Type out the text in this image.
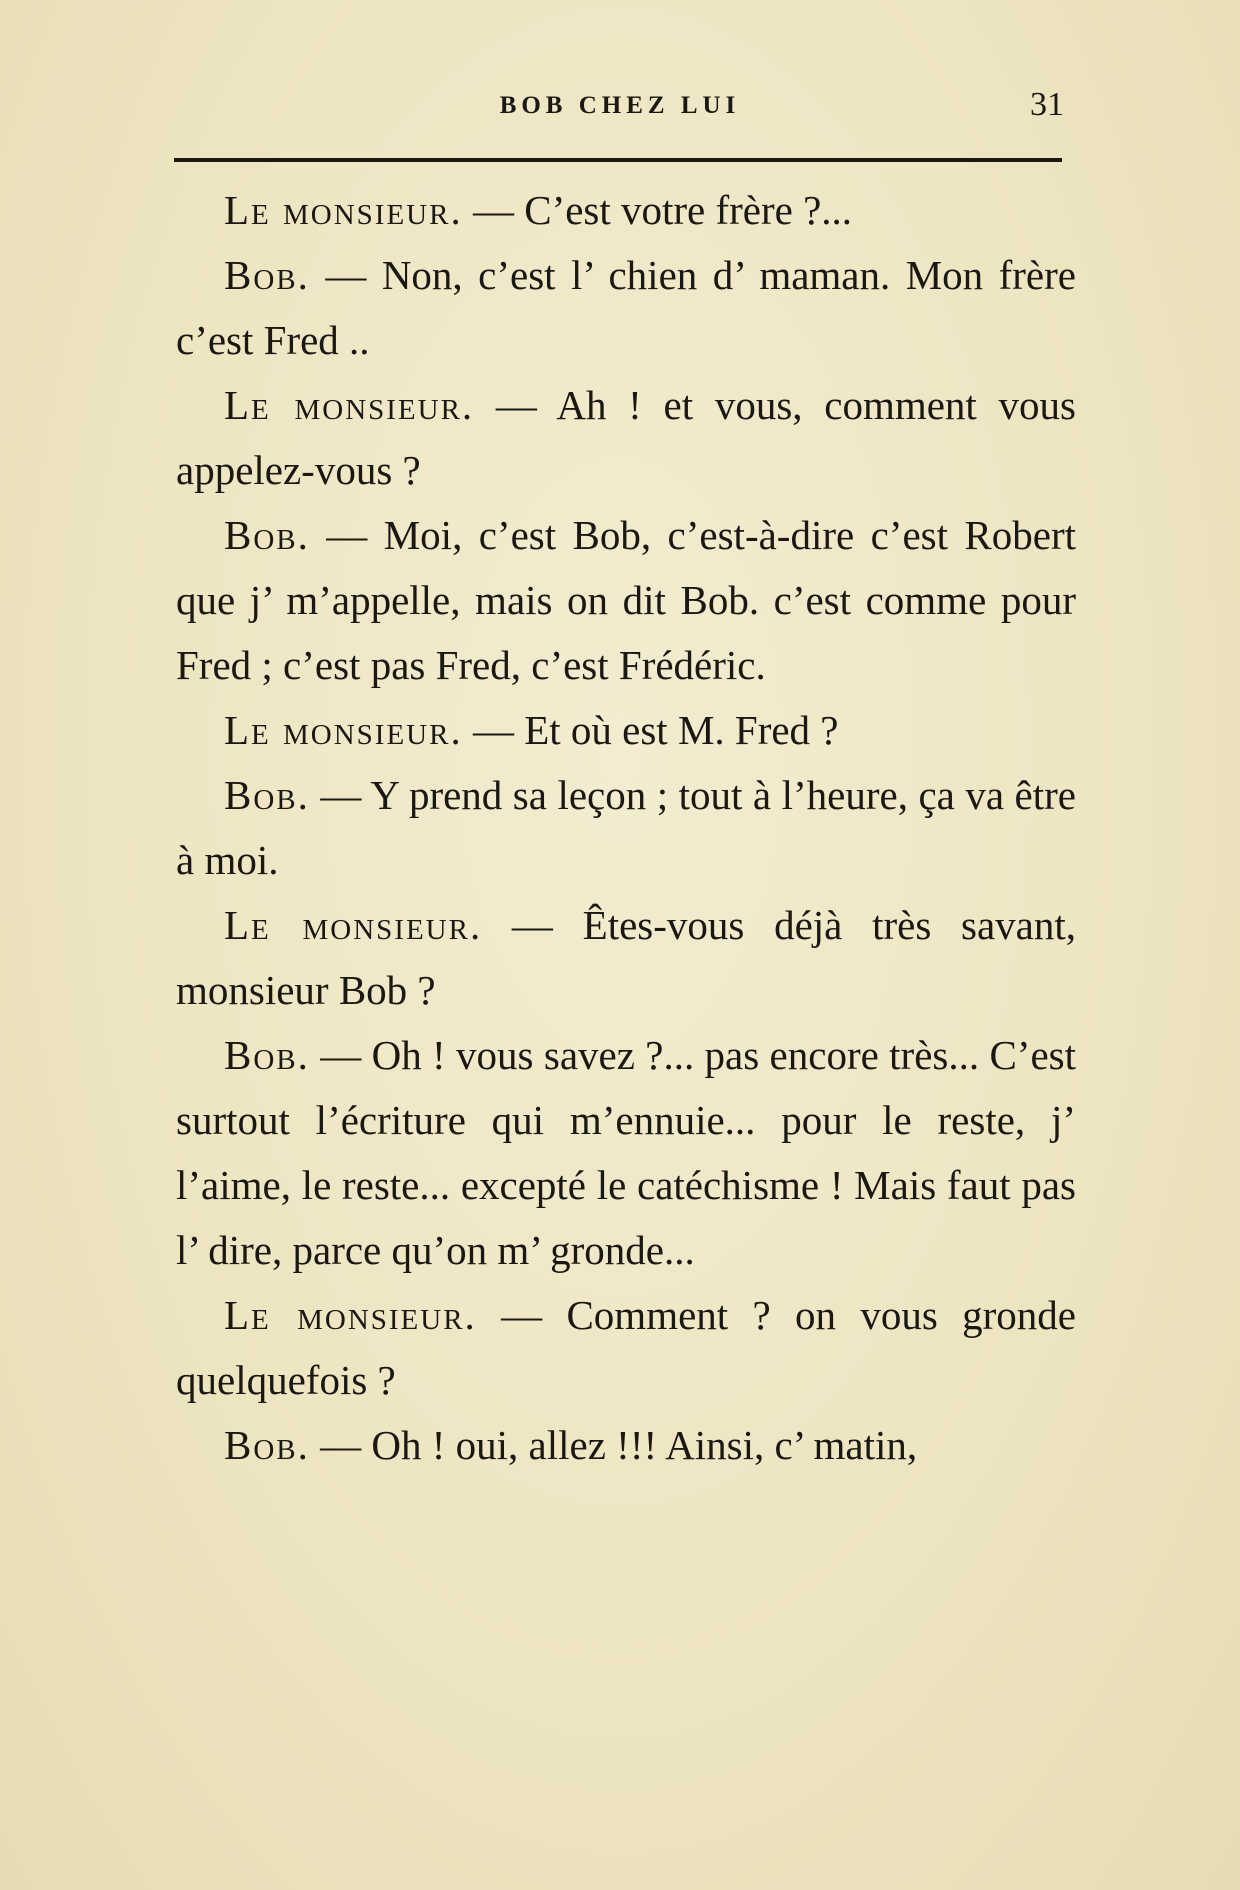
BOB CHEZ LUI	31

Le monsieur. — C’est votre frère ?...

Bob. — Non, c’est l’ chien d’ maman. Mon frère c’est Fred ..

Le monsieur. — Ah ! et vous, comment vous appelez-vous ?

Bob. — Moi, c’est Bob, c’est-à-dire c’est Robert que j’ m’appelle, mais on dit Bob. c’est comme pour Fred ; c’est pas Fred, c’est Frédéric.

Le monsieur. — Et où est M. Fred ?

Bob. — Y prend sa leçon ; tout à l’heure, ça va être à moi.

Le monsieur. — Êtes-vous déjà très savant, monsieur Bob ?

Bob. — Oh ! vous savez ?... pas encore très... C’est surtout l’écriture qui m’ennuie... pour le reste, j’ l’aime, le reste... excepté le catéchisme ! Mais faut pas l’ dire, parce qu’on m’ gronde...

Le monsieur. — Comment ? on vous gronde quelquefois ?

Bob. — Oh ! oui, allez !!! Ainsi, c’ matin,
